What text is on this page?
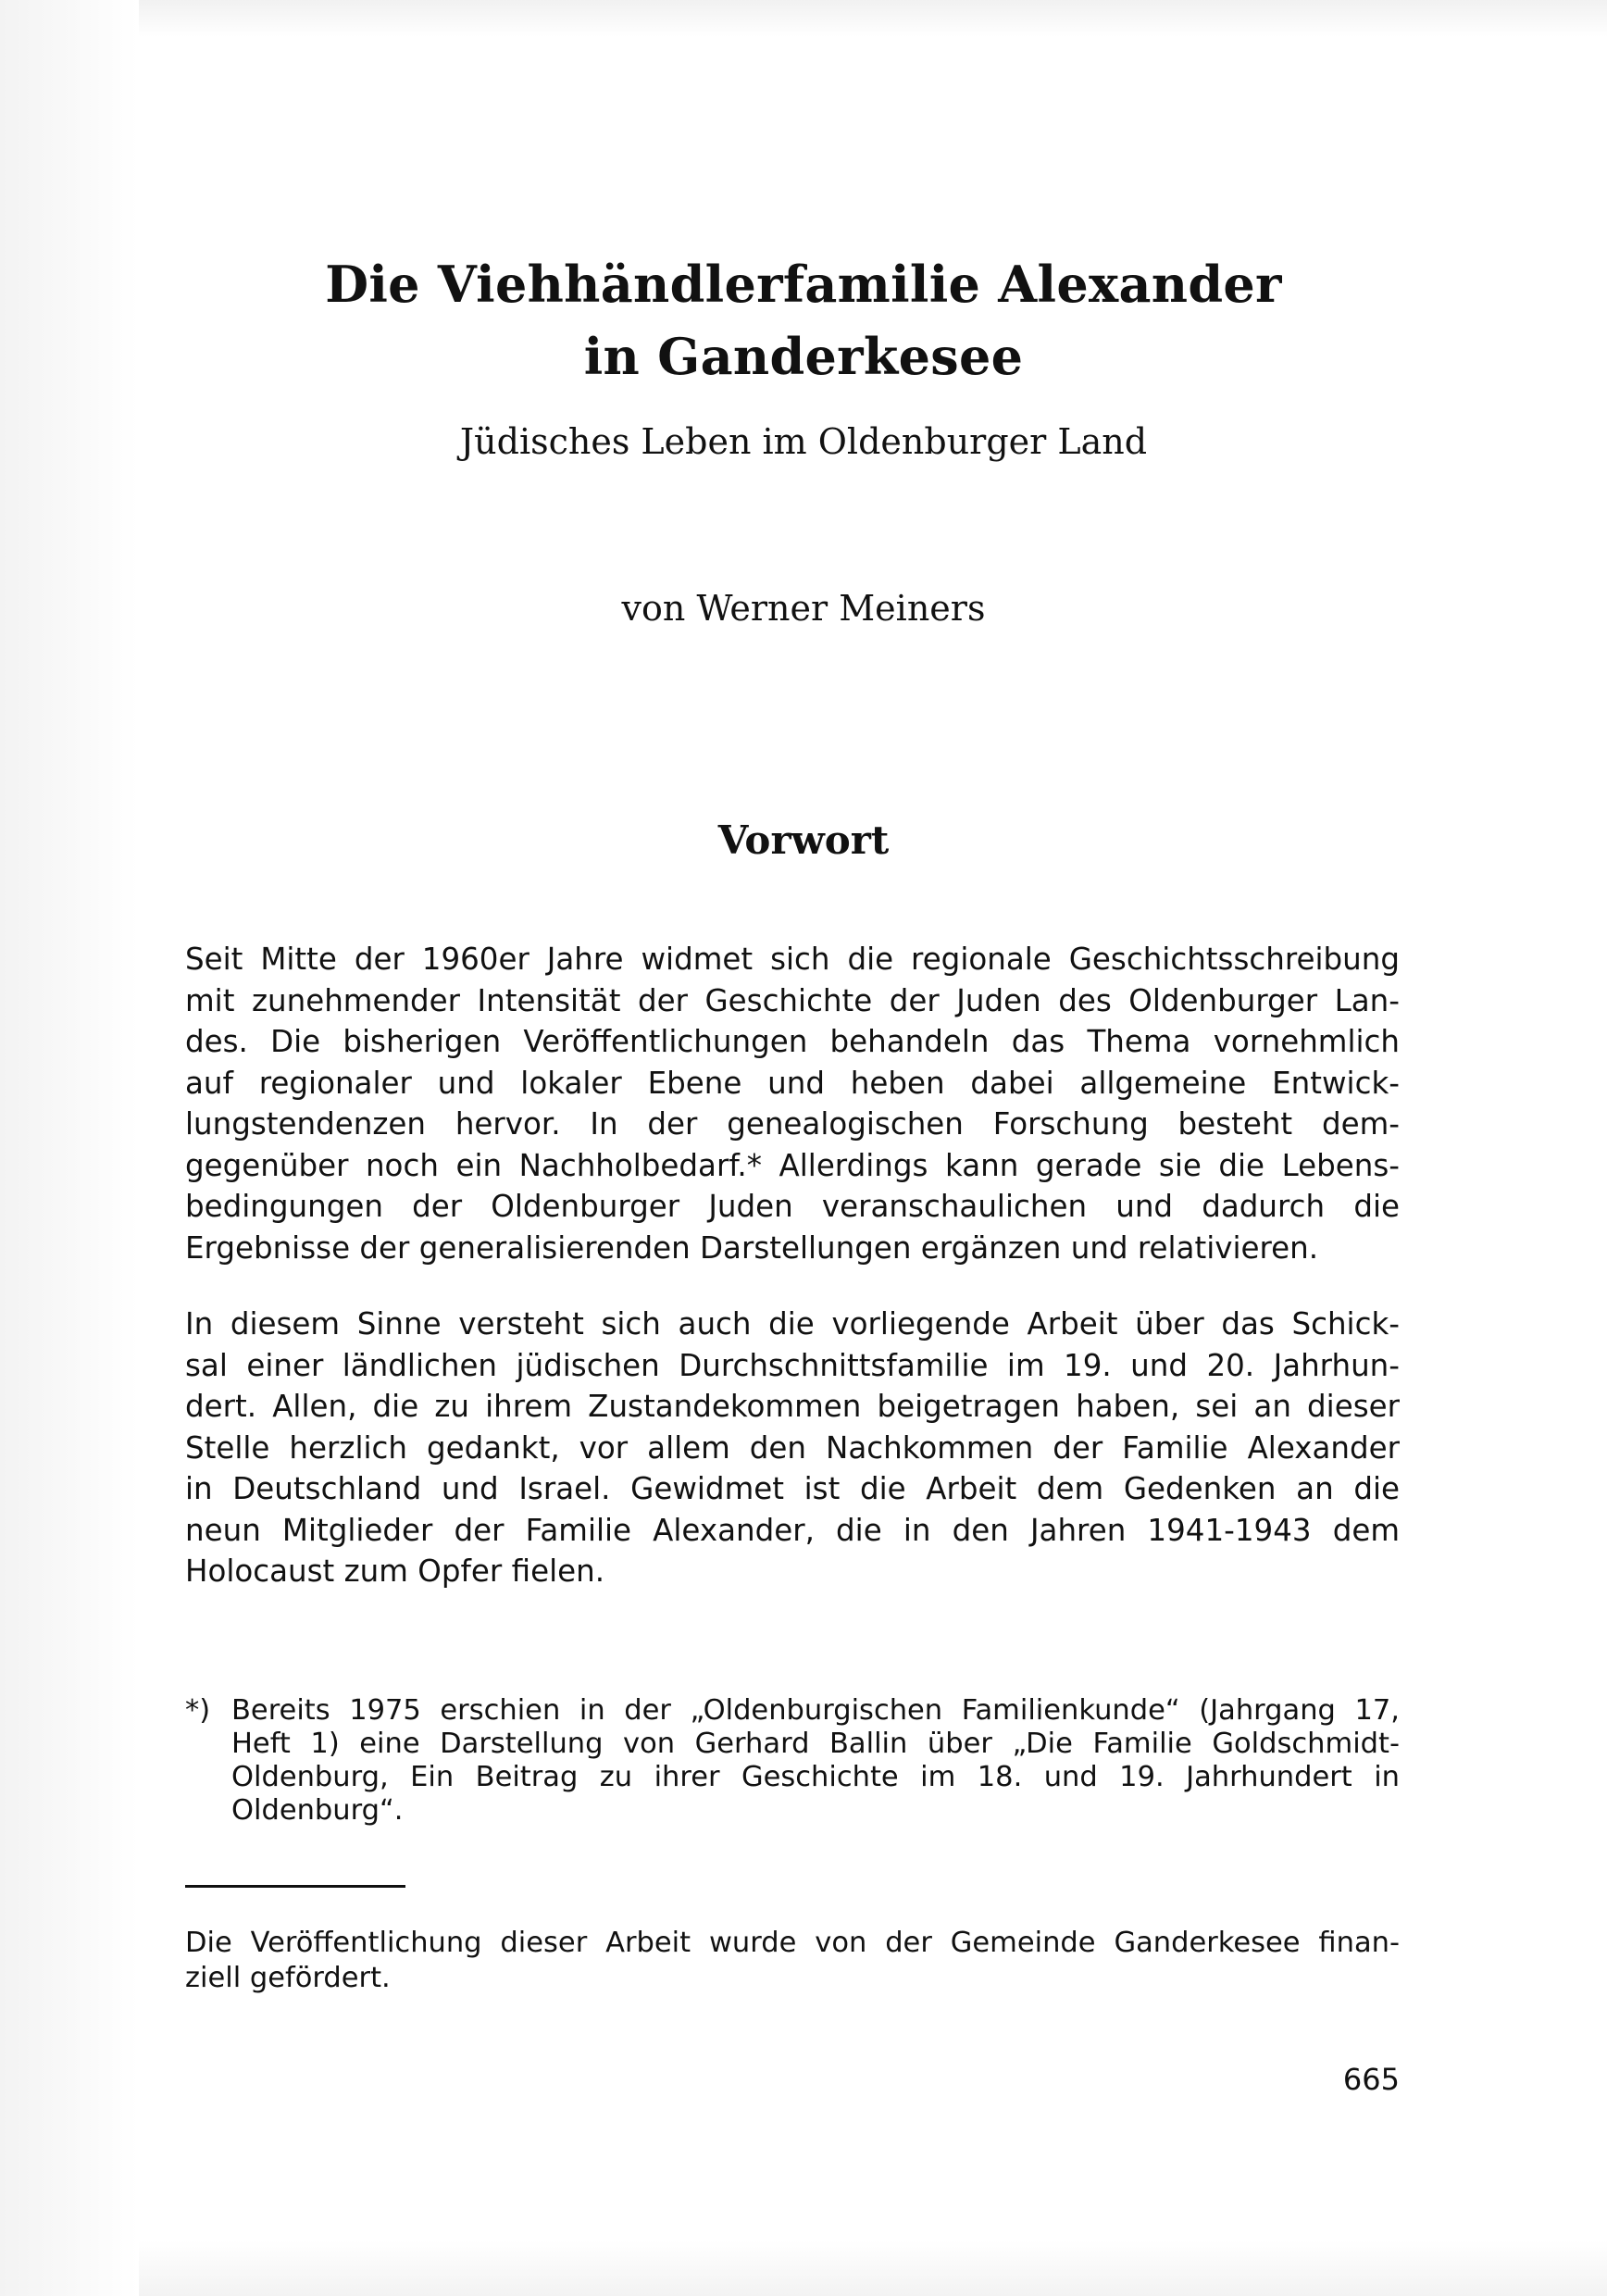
Die Viehhändlerfamilie Alexander
in Ganderkesee
Jüdisches Leben im Oldenburger Land
von Werner Meiners
Vorwort

Seit Mitte der 1960er Jahre widmet sich die regionale Geschichtsschreibung
mit zunehmender Intensität der Geschichte der Juden des Oldenburger Lan-
des. Die bisherigen Veröffentlichungen behandeln das Thema vornehmlich
auf regionaler und lokaler Ebene und heben dabei allgemeine Entwick-
lungstendenzen hervor. In der genealogischen Forschung besteht dem-
gegenüber noch ein Nachholbedarf.* Allerdings kann gerade sie die Lebens-
bedingungen der Oldenburger Juden veranschaulichen und dadurch die
Ergebnisse der generalisierenden Darstellungen ergänzen und relativieren.

In diesem Sinne versteht sich auch die vorliegende Arbeit über das Schick-
sal einer ländlichen jüdischen Durchschnittsfamilie im 19. und 20. Jahrhun-
dert. Allen, die zu ihrem Zustandekommen beigetragen haben, sei an dieser
Stelle herzlich gedankt, vor allem den Nachkommen der Familie Alexander
in Deutschland und Israel. Gewidmet ist die Arbeit dem Gedenken an die
neun Mitglieder der Familie Alexander, die in den Jahren 1941-1943 dem
Holocaust zum Opfer fielen.

*) Bereits 1975 erschien in der „Oldenburgischen Familienkunde“ (Jahrgang 17,
Heft 1) eine Darstellung von Gerhard Ballin über „Die Familie Goldschmidt-
Oldenburg, Ein Beitrag zu ihrer Geschichte im 18. und 19. Jahrhundert in
Oldenburg“.
Die Veröffentlichung dieser Arbeit wurde von der Gemeinde Ganderkesee finan-
ziell gefördert.
665
